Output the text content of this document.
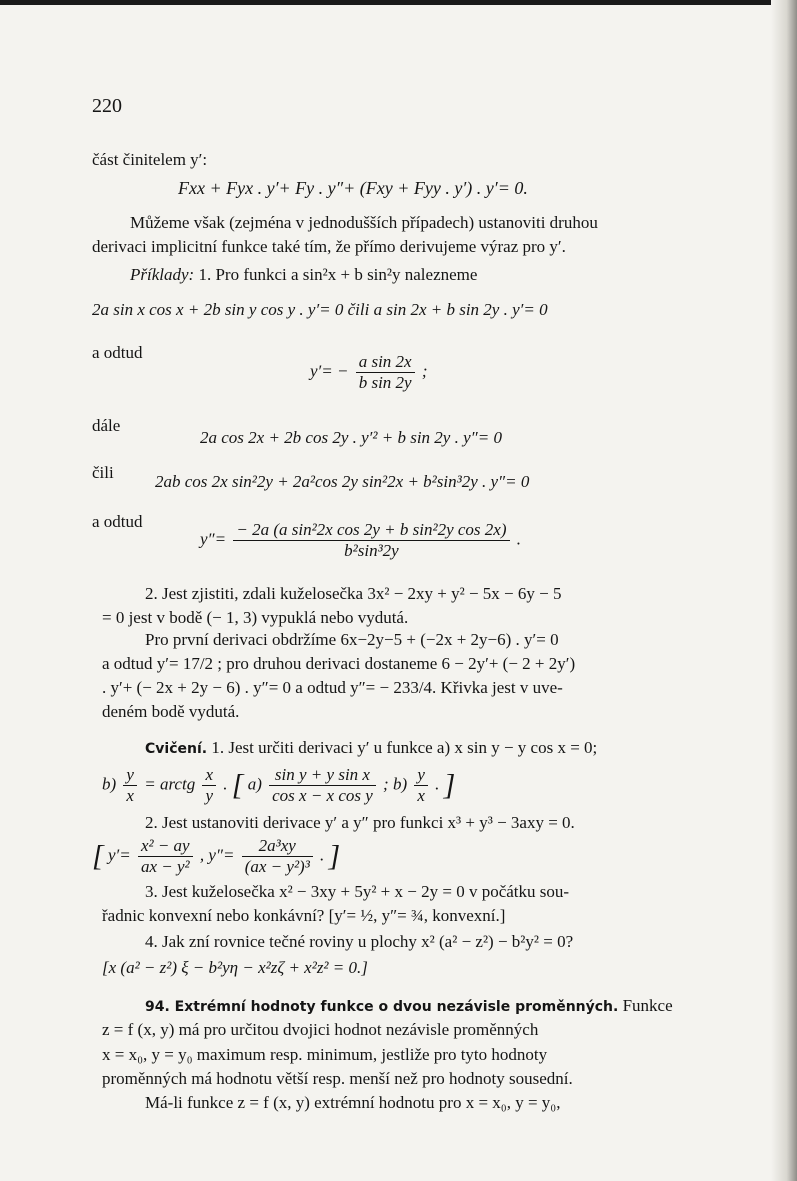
220
část činitelem y′:
Fxx + Fyx . y′+ Fy . y″+ (Fxy + Fyy . y′) . y′= 0.
Můžeme však (zejména v jednodušších případech) ustanoviti druhou
derivaci implicitní funkce také tím, že přímo derivujeme výraz pro y′.
Příklady: 1. Pro funkci a sin²x + b sin²y nalezneme
2a sin x cos x + 2b sin y cos y . y′= 0 čili a sin 2x + b sin 2y . y′= 0
a odtud
$y'= - \frac{\text{a sin 2x}}{\text{b sin 2y}}$ ;
dále
2a cos 2x + 2b cos 2y . y′² + b sin 2y . y″= 0
čili 2ab cos 2x sin²2y + 2a²cos 2y sin²2x + b²sin³2y . y″= 0
a odtud
$y''= \frac{\text{− 2a (a sin²2x cos 2y + b sin²2y cos 2x)}}{\text{b²sin³2y}}$ .
2. Jest zjistiti, zdali kuželosečka 3x² − 2xy + y² − 5x − 6y − 5
= 0 jest v bodě (− 1, 3) vypuklá nebo vydutá.
Pro první derivaci obdržíme 6x−2y−5 + (−2x + 2y−6) . y′= 0
a odtud y′= 17/2 ; pro druhou derivaci dostaneme 6 − 2y′+ (− 2 + 2y′)
. y′+ (− 2x + 2y − 6) . y″= 0 a odtud y″= − 233/4. Křivka jest v uve-
deném bodě vydutá.
Cvičení. 1. Jest určiti derivaci y′ u funkce a) x sin y − y cos x = 0;
$b) \frac{y}{x}$ = arctg $\frac{x}{y}$ . [ $a) \frac{\text{sin y + y sin x}}{\text{cos x − x cos y}}$ ; $b) \frac{y}{x}$ . ]
2. Jest ustanoviti derivace y′ a y″ pro funkci x³ + y³ − 3axy = 0.
[ $y'= \frac{\text{x² − ay}}{\text{ax − y²}}$ , $y''= \frac{\text{2a³xy}}{\text{(ax − y²)³}}$ . ]
3. Jest kuželosečka x² − 3xy + 5y² + x − 2y = 0 v počátku sou-
řadnic konvexní nebo konkávní? [y′= ½, y″= ¾, konvexní.]
4. Jak zní rovnice tečné roviny u plochy x² (a² − z²) − b²y² = 0?
[x (a² − z²) ξ − b²yη − x²zζ + x²z² = 0.]
94. Extrémní hodnoty funkce o dvou nezávisle proměnných. Funkce
z = f (x, y) má pro určitou dvojici hodnot nezávisle proměnných
x = x₀, y = y₀ maximum resp. minimum, jestliže pro tyto hodnoty
proměnných má hodnotu větší resp. menší než pro hodnoty sousední.
Má-li funkce z = f (x, y) extrémní hodnotu pro x = x₀, y = y₀,
